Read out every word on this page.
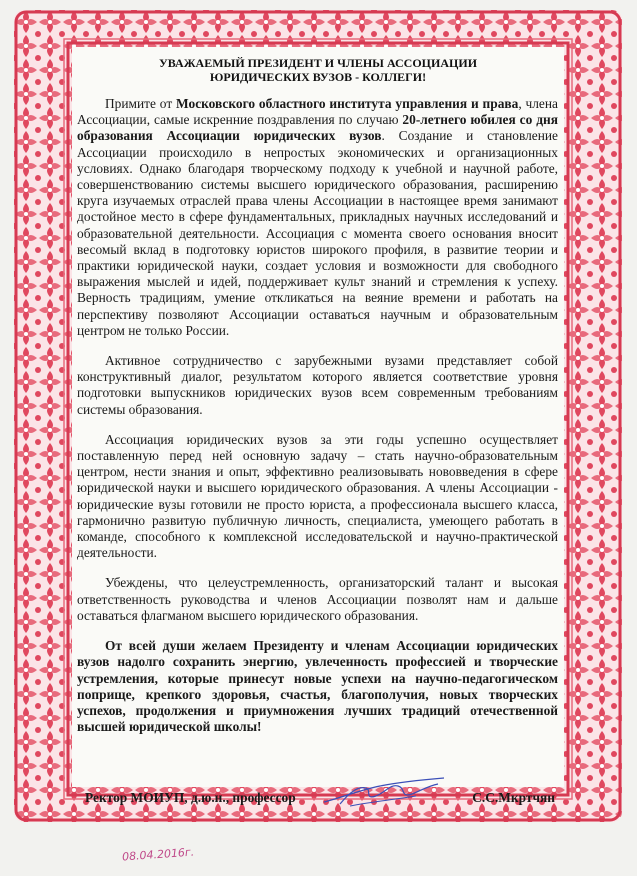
УВАЖАЕМЫЙ ПРЕЗИДЕНТ И ЧЛЕНЫ АССОЦИАЦИИ
ЮРИДИЧЕСКИХ ВУЗОВ - КОЛЛЕГИ!

Примите от Московского областного института управления и права, члена Ассоциации, самые искренние поздравления по случаю 20-летнего юбилея со дня образования Ассоциации юридических вузов. Создание и становление Ассоциации происходило в непростых экономических и организационных условиях. Однако благодаря творческому подходу к учебной и научной работе, совершенствованию системы высшего юридического образования, расширению круга изучаемых отраслей права члены Ассоциации в настоящее время занимают достойное место в сфере фундаментальных, прикладных научных исследований и образовательной деятельности. Ассоциация с момента своего основания вносит весомый вклад в подготовку юристов широкого профиля, в развитие теории и практики юридической науки, создает условия и возможности для свободного выражения мыслей и идей, поддерживает культ знаний и стремления к успеху. Верность традициям, умение откликаться на веяние времени и работать на перспективу позволяют Ассоциации оставаться научным и образовательным центром не только России.

Активное сотрудничество с зарубежными вузами представляет собой конструктивный диалог, результатом которого является соответствие уровня подготовки выпускников юридических вузов всем современным требованиям системы образования.

Ассоциация юридических вузов за эти годы успешно осуществляет поставленную перед ней основную задачу – стать научно-образовательным центром, нести знания и опыт, эффективно реализовывать нововведения в сфере юридической науки и высшего юридического образования. А члены Ассоциации - юридические вузы готовили не просто юриста, а профессионала высшего класса, гармонично развитую публичную личность, специалиста, умеющего работать в команде, способного к комплексной исследовательской и научно-практической деятельности.

Убеждены, что целеустремленность, организаторский талант и высокая ответственность руководства и членов Ассоциации позволят нам и дальше оставаться флагманом высшего юридического образования.

От всей души желаем Президенту и членам Ассоциации юридических вузов надолго сохранить энергию, увлеченность профессией и творческие устремления, которые принесут новые успехи на научно-педагогическом поприще, крепкого здоровья, счастья, благополучия, новых творческих успехов, продолжения и приумножения лучших традиций отечественной высшей юридической школы!

Ректор МОИУП, д.ю.н., профессор	С.С.Мкртчян
08.04.2016г.
